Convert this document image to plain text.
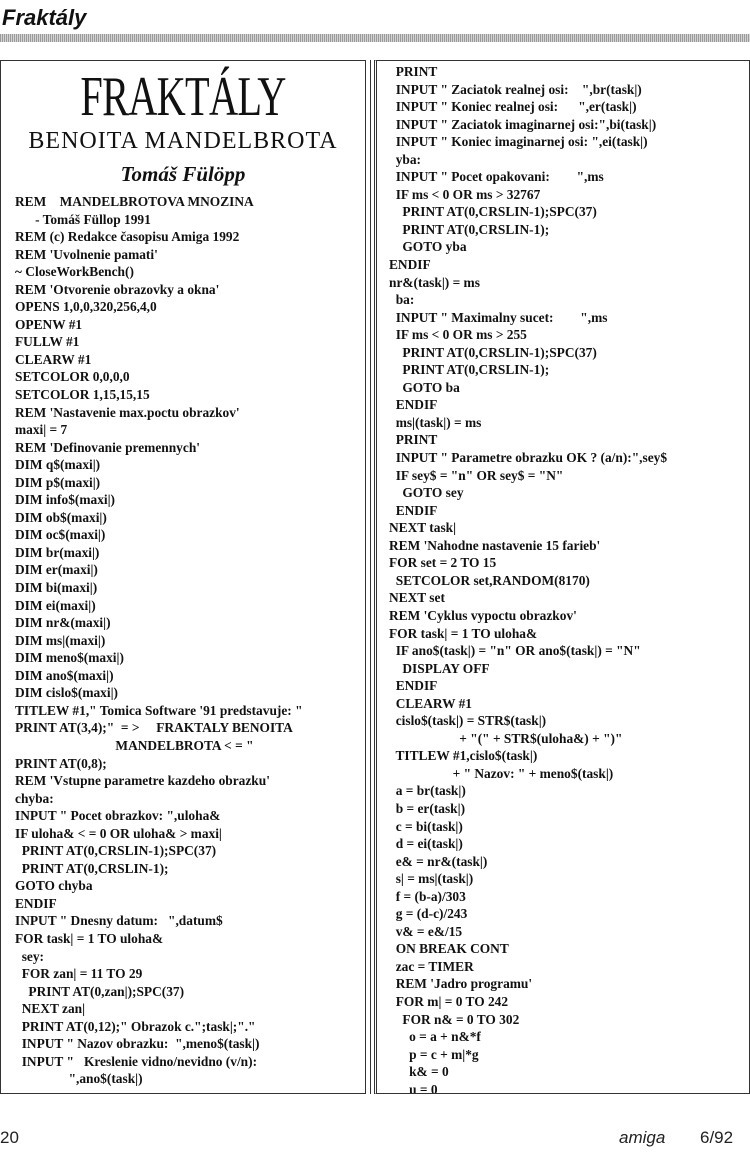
Fraktály
FRAKTÁLY
BENOITA MANDELBROTA
Tomáš Fülöpp
REM    MANDELBROTOVA MNOZINA
- Tomáš Füllop 1991
REM (c) Redakce časopisu Amiga 1992
REM 'Uvolnenie pamati'
~ CloseWorkBench()
REM 'Otvorenie obrazovky a okna'
OPENS 1,0,0,320,256,4,0
OPENW #1
FULLW #1
CLEARW #1
SETCOLOR 0,0,0,0
SETCOLOR 1,15,15,15
REM 'Nastavenie max.poctu obrazkov'
maxi| = 7
REM 'Definovanie premennych'
DIM q$(maxi|)
DIM p$(maxi|)
DIM info$(maxi|)
DIM ob$(maxi|)
DIM oc$(maxi|)
DIM br(maxi|)
DIM er(maxi|)
DIM bi(maxi|)
DIM ei(maxi|)
DIM nr&(maxi|)
DIM ms|(maxi|)
DIM meno$(maxi|)
DIM ano$(maxi|)
DIM cislo$(maxi|)
TITLEW #1," Tomica Software '91 predstavuje: "
PRINT AT(3,4);"  = >     FRAKTALY BENOITA
MANDELBROTA < = "
PRINT AT(0,8);
REM 'Vstupne parametre kazdeho obrazku'
chyba:
INPUT " Pocet obrazkov: ",uloha&
IF uloha& < = 0 OR uloha& > maxi|
PRINT AT(0,CRSLIN-1);SPC(37)
PRINT AT(0,CRSLIN-1);
GOTO chyba
ENDIF
INPUT " Dnesny datum:   ",datum$
FOR task| = 1 TO uloha&
sey:
FOR zan| = 11 TO 29
PRINT AT(0,zan|);SPC(37)
NEXT zan|
PRINT AT(0,12);" Obrazok c.";task|;"."
INPUT " Nazov obrazku:  ",meno$(task|)
INPUT "   Kreslenie vidno/nevidno (v/n):
",ano$(task|)
PRINT
INPUT " Zaciatok realnej osi:    ",br(task|)
INPUT " Koniec realnej osi:      ",er(task|)
INPUT " Zaciatok imaginarnej osi:",bi(task|)
INPUT " Koniec imaginarnej osi: ",ei(task|)
yba:
INPUT " Pocet opakovani:        ",ms
IF ms < 0 OR ms > 32767
PRINT AT(0,CRSLIN-1);SPC(37)
PRINT AT(0,CRSLIN-1);
GOTO yba
ENDIF
nr&(task|) = ms
ba:
INPUT " Maximalny sucet:        ",ms
IF ms < 0 OR ms > 255
PRINT AT(0,CRSLIN-1);SPC(37)
PRINT AT(0,CRSLIN-1);
GOTO ba
ENDIF
ms|(task|) = ms
PRINT
INPUT " Parametre obrazku OK ? (a/n):",sey$
IF sey$ = "n" OR sey$ = "N"
GOTO sey
ENDIF
NEXT task|
REM 'Nahodne nastavenie 15 farieb'
FOR set = 2 TO 15
SETCOLOR set,RANDOM(8170)
NEXT set
REM 'Cyklus vypoctu obrazkov'
FOR task| = 1 TO uloha&
IF ano$(task|) = "n" OR ano$(task|) = "N"
DISPLAY OFF
ENDIF
CLEARW #1
cislo$(task|) = STR$(task|)
+ "(" + STR$(uloha&) + ")"
TITLEW #1,cislo$(task|)
+ " Nazov: " + meno$(task|)
a = br(task|)
b = er(task|)
c = bi(task|)
d = ei(task|)
e& = nr&(task|)
s| = ms|(task|)
f = (b-a)/303
g = (d-c)/243
v& = e&/15
ON BREAK CONT
zac = TIMER
REM 'Jadro programu'
FOR m| = 0 TO 242
FOR n& = 0 TO 302
o = a + n&*f
p = c + m|*g
k& = 0
u = 0
20	amiga 6/92
